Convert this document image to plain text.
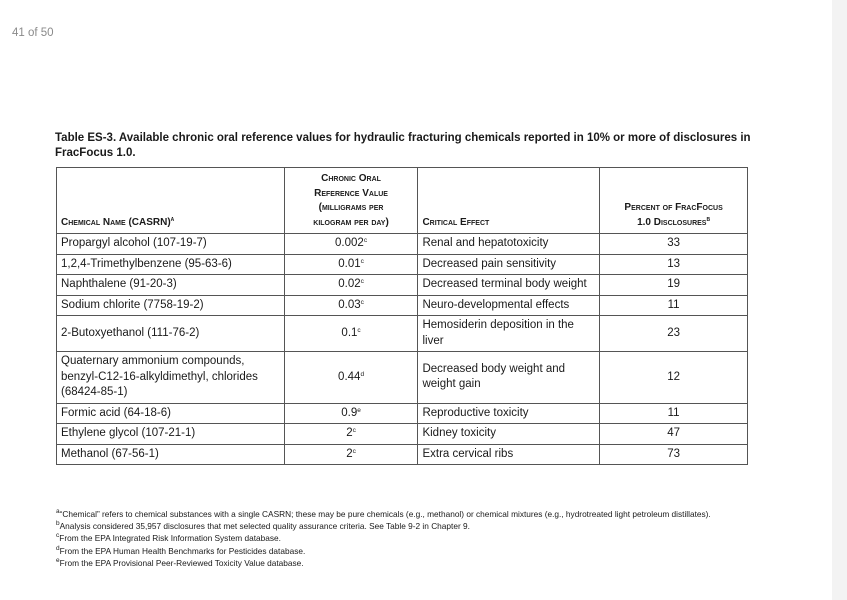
41 of 50
Table ES-3. Available chronic oral reference values for hydraulic fracturing chemicals reported in 10% or more of disclosures in FracFocus 1.0.
Chemical Name (CASRN)$^a$	Chronic Oral
Reference Value
(milligrams per
kilogram per day)	Critical Effect	Percent of FracFocus
1.0 Disclosures$^b$
Propargyl alcohol (107-19-7)	0.002$^c$	Renal and hepatotoxicity	33
1,2,4-Trimethylbenzene (95-63-6)	0.01$^c$	Decreased pain sensitivity	13
Naphthalene (91-20-3)	0.02$^c$	Decreased terminal body weight	19
Sodium chlorite (7758-19-2)	0.03$^c$	Neuro-developmental effects	11
2-Butoxyethanol (111-76-2)	0.1$^c$	Hemosiderin deposition in the liver	23
Quaternary ammonium compounds, benzyl-C12-16-alkyldimethyl, chlorides (68424-85-1)	0.44$^d$	Decreased body weight and weight gain	12
Formic acid (64-18-6)	0.9e	Reproductive toxicity	11
Ethylene glycol (107-21-1)	2$^c$	Kidney toxicity	47
Methanol (67-56-1)	2$^c$	Extra cervical ribs	73

$^a$“Chemical” refers to chemical substances with a single CASRN; these may be pure chemicals (e.g., methanol) or chemical mixtures (e.g., hydrotreated light petroleum distillates).

$^b$Analysis considered 35,957 disclosures that met selected quality assurance criteria. See Table 9-2 in Chapter 9.

$^c$From the EPA Integrated Risk Information System database.

$^d$From the EPA Human Health Benchmarks for Pesticides database.

$^e$From the EPA Provisional Peer-Reviewed Toxicity Value database.
